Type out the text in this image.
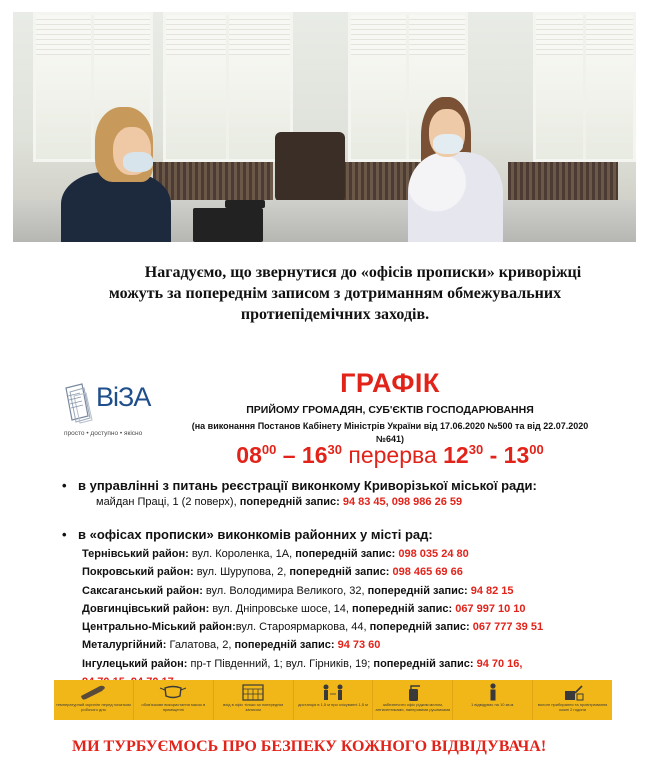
Нагадуємо, що звернутися до «офісів прописки» криворіжці
можуть за попереднім записом з дотриманням обмежувальних
протиепідемічних заходів.
ВіЗА
просто • доступно • якісно
ГРАФІК
ПРИЙОМУ ГРОМАДЯН, СУБ'ЄКТІВ ГОСПОДАРЮВАННЯ
(на виконання Постанов Кабінету Міністрів України від 17.06.2020 №500 та від 22.07.2020
№641)
$08^{00} - 16^{30}$ перерва $12^{30} - 13^{00}$
• в управлінні з питань реєстрації виконкому Криворізької міської ради:
майдан Праці, 1 (2 поверх), попередній запис: 94 83 45, 098 986 26 59
• в «офісах прописки» виконкомів районних у місті рад:
Тернівський район: вул. Короленка, 1А, попередній запис: 098 035 24 80
Покровський район: вул. Шурупова, 2, попередній запис: 098 465 69 66
Саксаганський район: вул. Володимира Великого, 32, попередній запис: 94 82 15
Довгинцівський район: вул. Дніпровське шосе, 14, попередній запис: 067 997 10 10
Центрально-Міський район:вул. Староярмаркова, 44, попередній запис: 067 777 39 51
Металургійний: Галатова, 2, попередній запис: 94 73 60
Інгулецький район: пр-т Південний, 1; вул. Гірників, 19; попередній запис: 94 70 16,
температурний скринінг перед початком робочого дня
обов'язкове використання масок в приміщенні
вхід в офіс тільки за попереднім записом
дистанція в 1,5 м при очікуванні 1,5 м	забезпечити офіс рідким милом, антисептиками, паперовими рушниками
1 відвідувач на 10 кв.м.	вологе прибирання та провітрювання кожні 2 години
МИ ТУРБУЄМОСЬ ПРО БЕЗПЕКУ КОЖНОГО ВІДВІДУВАЧА!
